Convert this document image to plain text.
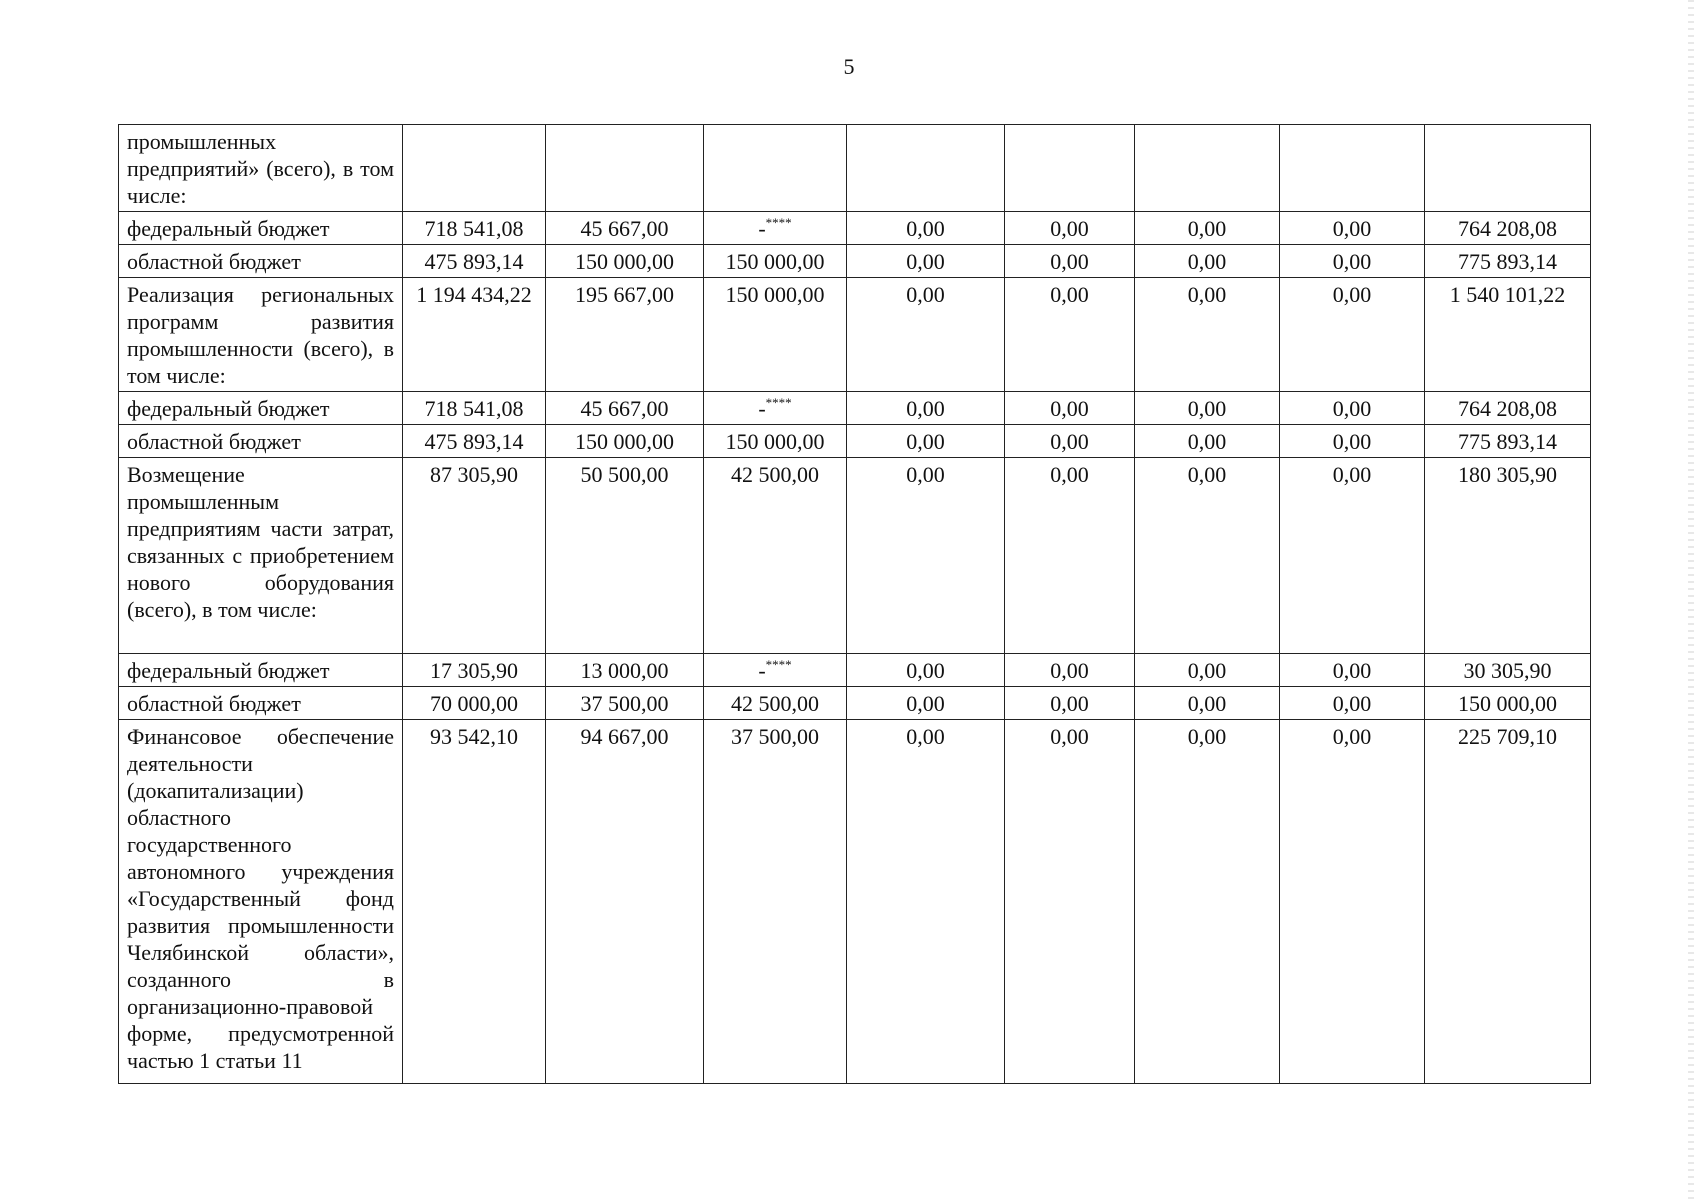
5
промышленных предприятий» (всего), в том числе:								
федеральный бюджет	718 541,08	45 667,00	-****	0,00	0,00	0,00	0,00	764 208,08
областной бюджет	475 893,14	150 000,00	150 000,00	0,00	0,00	0,00	0,00	775 893,14
Реализация региональных программ развития промышленности (всего), в том числе:	1 194 434,22	195 667,00	150 000,00	0,00	0,00	0,00	0,00	1 540 101,22
федеральный бюджет	718 541,08	45 667,00	-****	0,00	0,00	0,00	0,00	764 208,08
областной бюджет	475 893,14	150 000,00	150 000,00	0,00	0,00	0,00	0,00	775 893,14
Возмещение промышленным предприятиям части затрат, связанных с приобретением нового оборудования (всего), в том числе:	87 305,90	50 500,00	42 500,00	0,00	0,00	0,00	0,00	180 305,90
федеральный бюджет	17 305,90	13 000,00	-****	0,00	0,00	0,00	0,00	30 305,90
областной бюджет	70 000,00	37 500,00	42 500,00	0,00	0,00	0,00	0,00	150 000,00
Финансовое обеспечение деятельности (докапитализации) областного государственного автономного учреждения «Государственный фонд развития промышленности Челябинской области», созданного в организационно-правовой форме, предусмотренной частью 1 статьи 11	93 542,10	94 667,00	37 500,00	0,00	0,00	0,00	0,00	225 709,10
